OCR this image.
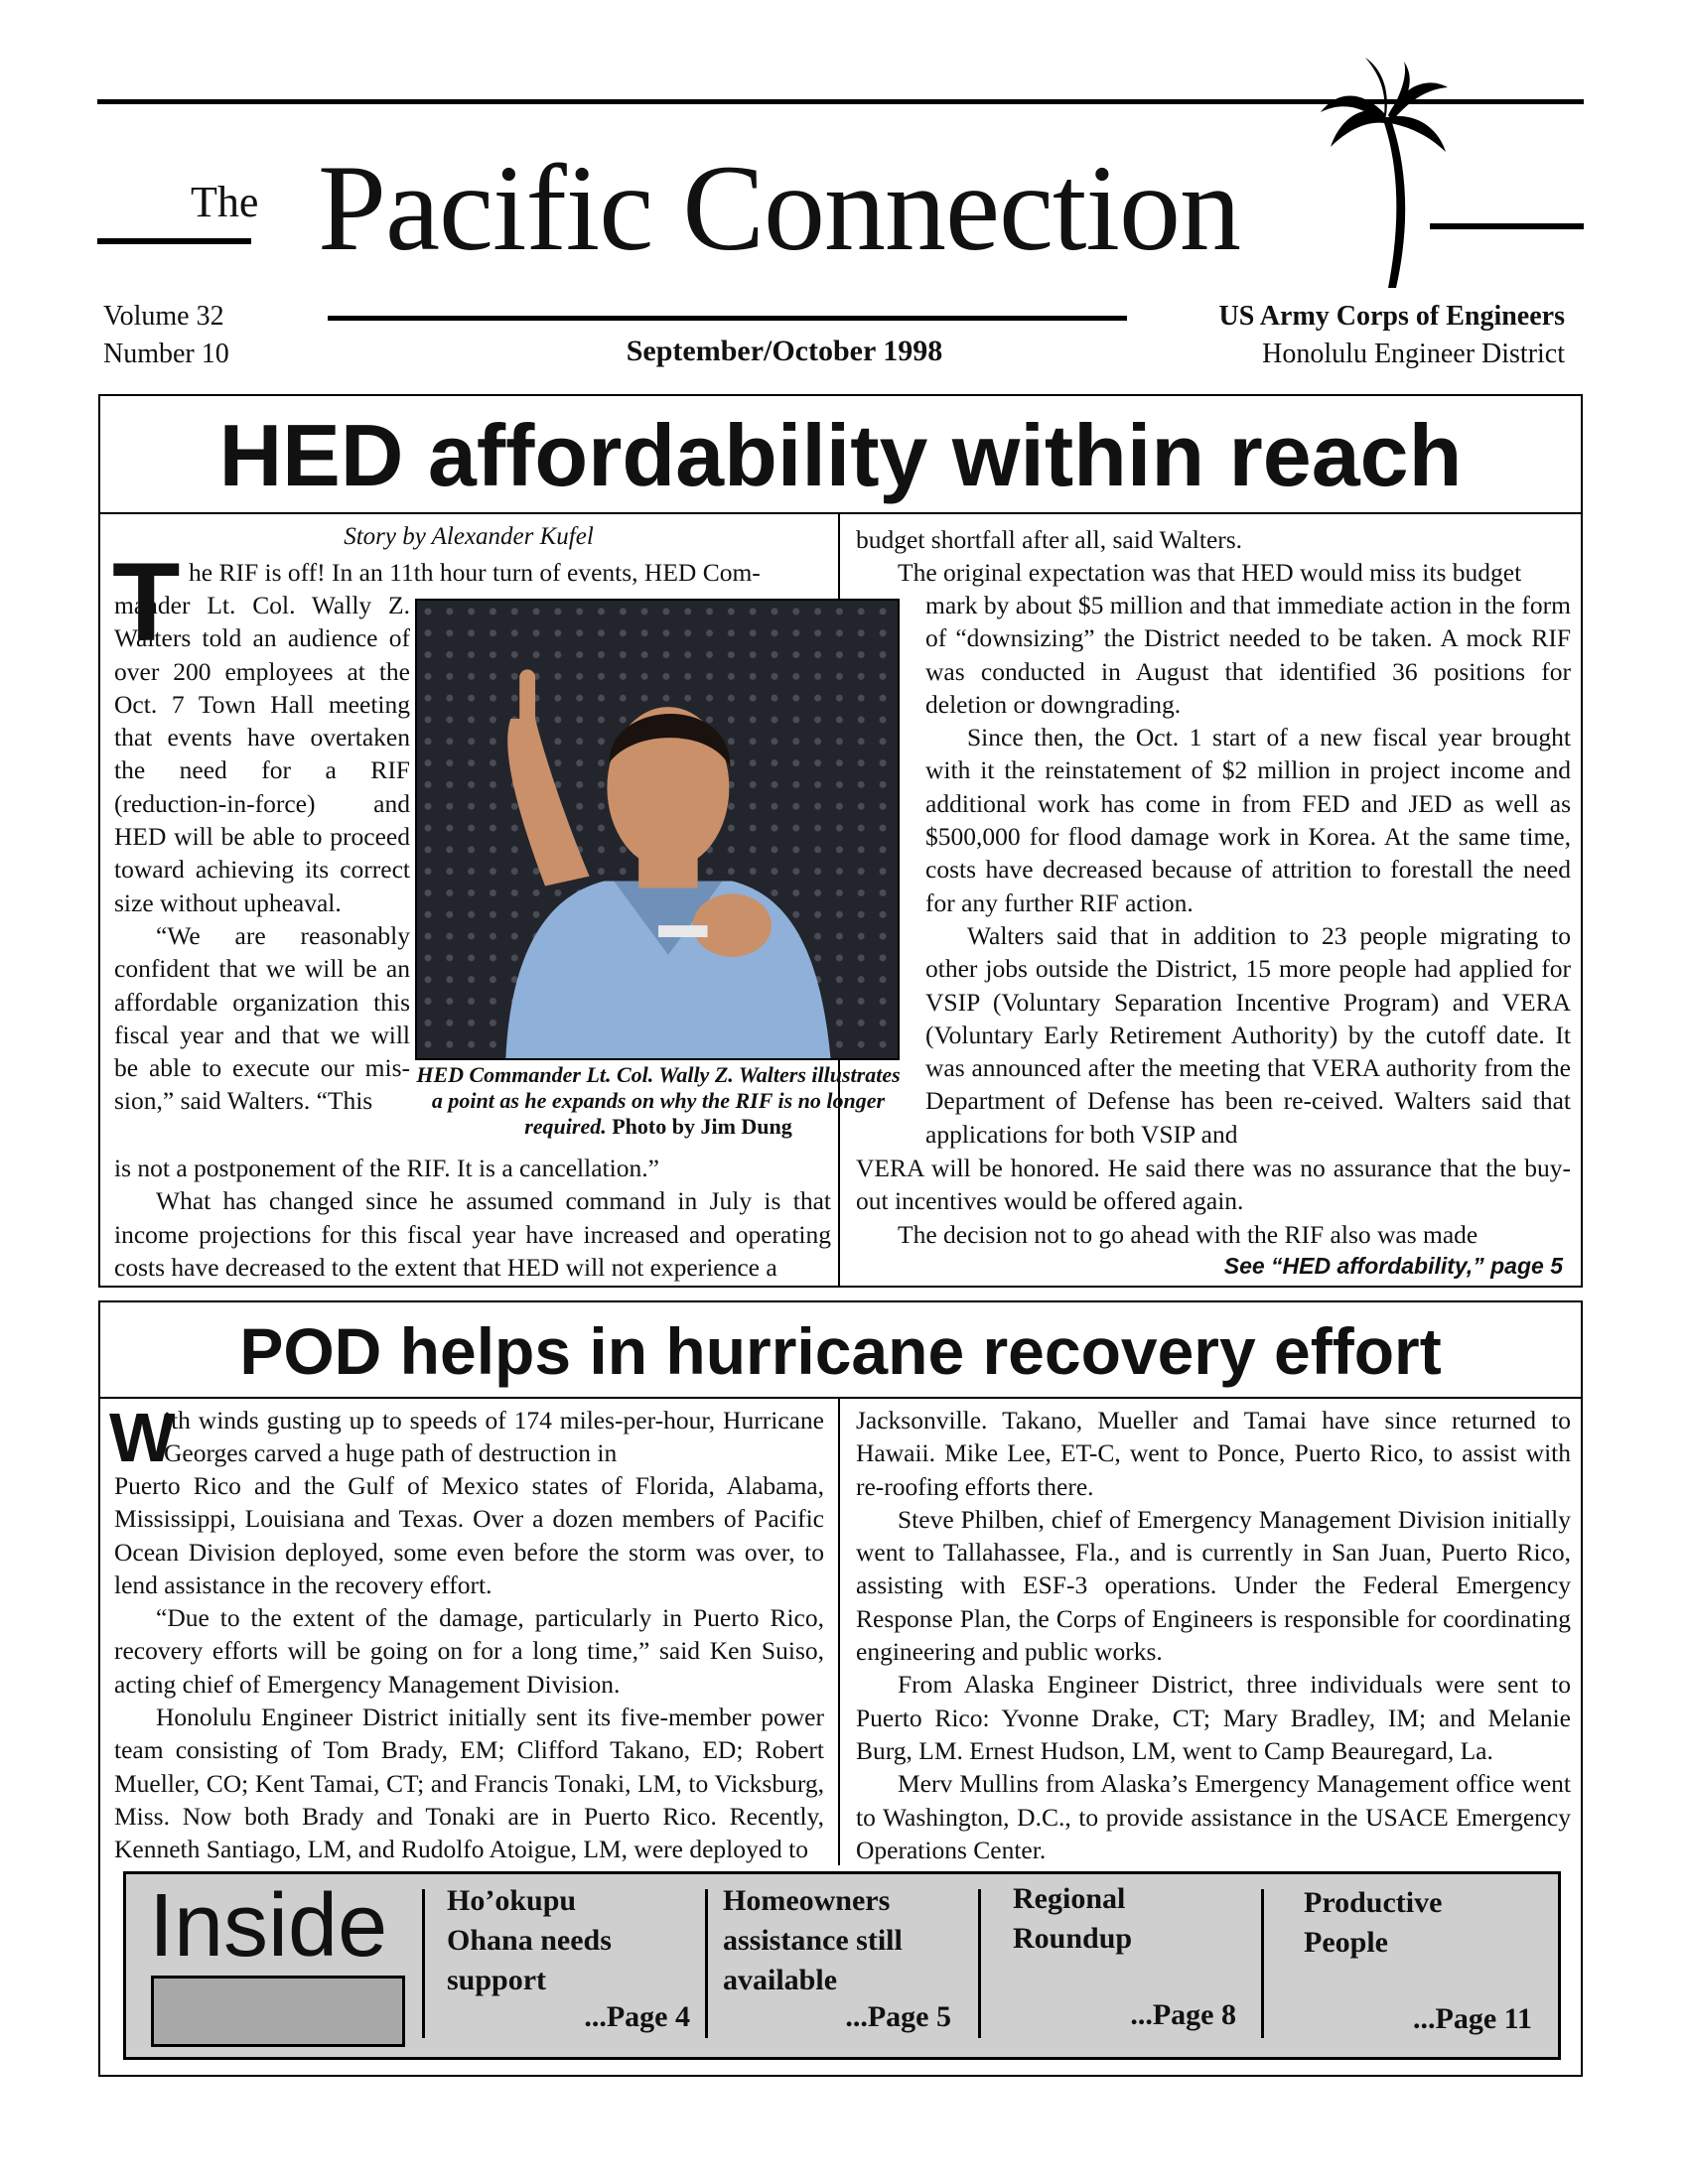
The Pacific Connection
Volume 32
Number 10	September/October 1998
US Army Corps of Engineers
Honolulu Engineer District
HED affordability within reach
Story by Alexander Kufel
T he RIF is off! In an 11th hour turn of events, HED Com-

mander Lt. Col. Wally Z. Walters told an audience of over 200 employees at the Oct. 7 Town Hall meeting that events have overtaken the need for a RIF (reduction-in-force) and HED will be able to proceed toward achieving its correct size without upheaval.

“We are reasonably confident that we will be an affordable organization this fiscal year and that we will be able to execute our mis-sion,” said Walters. “This

HED Commander Lt. Col. Wally Z. Walters illustrates a point as he expands on why the RIF is no longer required. Photo by Jim Dung

is not a postponement of the RIF. It is a cancellation.”

What has changed since he assumed command in July is that income projections for this fiscal year have increased and operating costs have decreased to the extent that HED will not experience a

budget shortfall after all, said Walters.

The original expectation was that HED would miss its budget

mark by about $5 million and that immediate action in the form of “downsizing” the District needed to be taken. A mock RIF was conducted in August that identified 36 positions for deletion or downgrading.

Since then, the Oct. 1 start of a new fiscal year brought with it the reinstatement of $2 million in project income and additional work has come in from FED and JED as well as $500,000 for flood damage work in Korea. At the same time, costs have decreased because of attrition to forestall the need for any further RIF action.

Walters said that in addition to 23 people migrating to other jobs outside the District, 15 more people had applied for VSIP (Voluntary Separation Incentive Program) and VERA (Voluntary Early Retirement Authority) by the cutoff date. It was announced after the meeting that VERA authority from the Department of Defense has been re-ceived. Walters said that applications for both VSIP and

VERA will be honored. He said there was no assurance that the buy-out incentives would be offered again.

The decision not to go ahead with the RIF also was made

See “HED affordability,” page 5
POD helps in hurricane recovery effort
W

ith winds gusting up to speeds of 174 miles-per-hour, Hurricane Georges carved a huge path of destruction in

Puerto Rico and the Gulf of Mexico states of Florida, Alabama, Mississippi, Louisiana and Texas. Over a dozen members of Pacific Ocean Division deployed, some even before the storm was over, to lend assistance in the recovery effort.

“Due to the extent of the damage, particularly in Puerto Rico, recovery efforts will be going on for a long time,” said Ken Suiso, acting chief of Emergency Management Division.

Honolulu Engineer District initially sent its five-member power team consisting of Tom Brady, EM; Clifford Takano, ED; Robert Mueller, CO; Kent Tamai, CT; and Francis Tonaki, LM, to Vicksburg, Miss. Now both Brady and Tonaki are in Puerto Rico. Recently, Kenneth Santiago, LM, and Rudolfo Atoigue, LM, were deployed to

Jacksonville. Takano, Mueller and Tamai have since returned to Hawaii. Mike Lee, ET-C, went to Ponce, Puerto Rico, to assist with re-roofing efforts there.

Steve Philben, chief of Emergency Management Division initially went to Tallahassee, Fla., and is currently in San Juan, Puerto Rico, assisting with ESF-3 operations. Under the Federal Emergency Response Plan, the Corps of Engineers is responsible for coordinating engineering and public works.

From Alaska Engineer District, three individuals were sent to Puerto Rico: Yvonne Drake, CT; Mary Bradley, IM; and Melanie Burg, LM. Ernest Hudson, LM, went to Camp Beauregard, La.

Merv Mullins from Alaska’s Emergency Management office went to Washington, D.C., to provide assistance in the USACE Emergency Operations Center.

Inside Ho’okupu
Ohana needs
support
...Page 4
Homeowners
assistance still
available
...Page 5
Regional
Roundup
...Page 8
Productive
People
...Page 11
